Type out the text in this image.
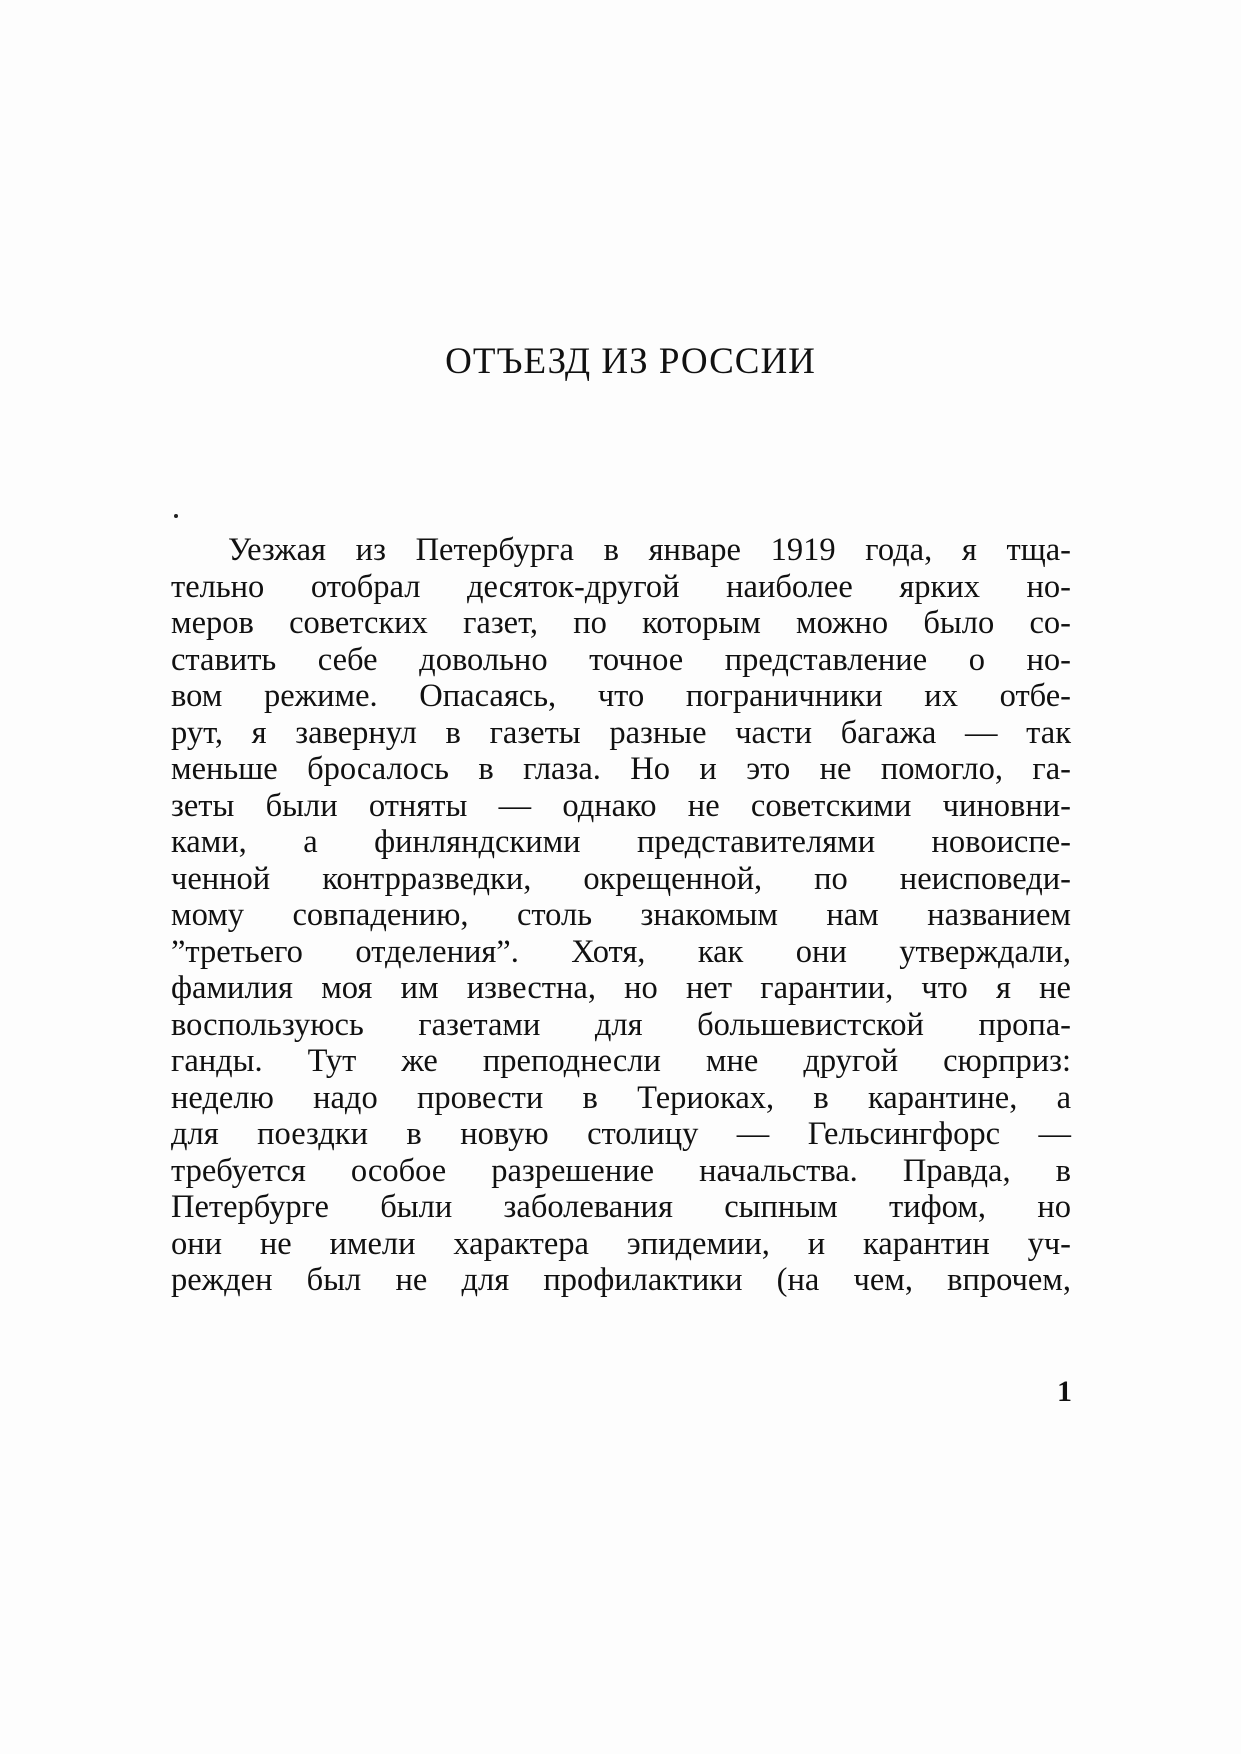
ОТЪЕЗД ИЗ РОССИИ
Уезжая из Петербурга в январе 1919 года, я тща-
тельно отобрал десяток-другой наиболее ярких но-
меров советских газет, по которым можно было со-
ставить себе довольно точное представление о но-
вом режиме. Опасаясь, что пограничники их отбе-
рут, я завернул в газеты разные части багажа — так
меньше бросалось в глаза. Но и это не помогло, га-
зеты были отняты — однако не советскими чиновни-
ками, а финляндскими представителями новоиспе-
ченной контрразведки, окрещенной, по неисповеди-
мому совпадению, столь знакомым нам названием
”третьего отделения”. Хотя, как они утверждали,
фамилия моя им известна, но нет гарантии, что я не
воспользуюсь газетами для большевистской пропа-
ганды. Тут же преподнесли мне другой сюрприз:
неделю надо провести в Териоках, в карантине, а
для поездки в новую столицу — Гельсингфорс —
требуется особое разрешение начальства. Правда, в
Петербурге были заболевания сыпным тифом, но
они не имели характера эпидемии, и карантин уч-
режден был не для профилактики (на чем, впрочем,
1
